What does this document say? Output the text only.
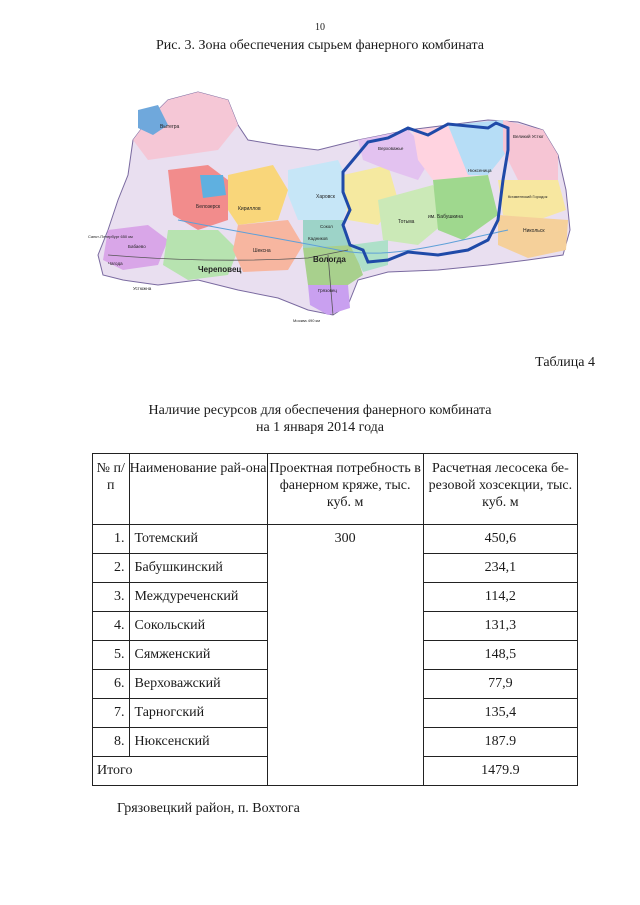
10
Рис. 3. Зона обеспечения сырьем фанерного комбината
Вытегра
Белозерск	Кириллов
Череповец
Вологда
Шексна
Кадников
Харовск
Тотьма
Верховажье
Нюксеница
им. Бабушкина
Никольск
Великий Устюг
Кичменгский Городок
Грязовец
Бабаево
Чагода
Устюжна
Сокол
Санкт-Петербург 650 км
Москва 490 км
Таблица 4
Наличие ресурсов для обеспечения фанерного комбината
на 1 января 2014 года
№ п/п	Наименование рай-она	Проектная потребность в фанерном кряже, тыс. куб. м	Расчетная лесосека бе-резовой хозсекции, тыс. куб. м
1.	Тотемский	300	450,6
2.	Бабушкинский		234,1
3.	Междуреченский		114,2
4.	Сокольский		131,3
5.	Сямженский		148,5
6.	Верховажский		77,9
7.	Тарногский		135,4
8.	Нюксенский		187.9
Итого			1479.9
Грязовецкий район, п. Вохтога
